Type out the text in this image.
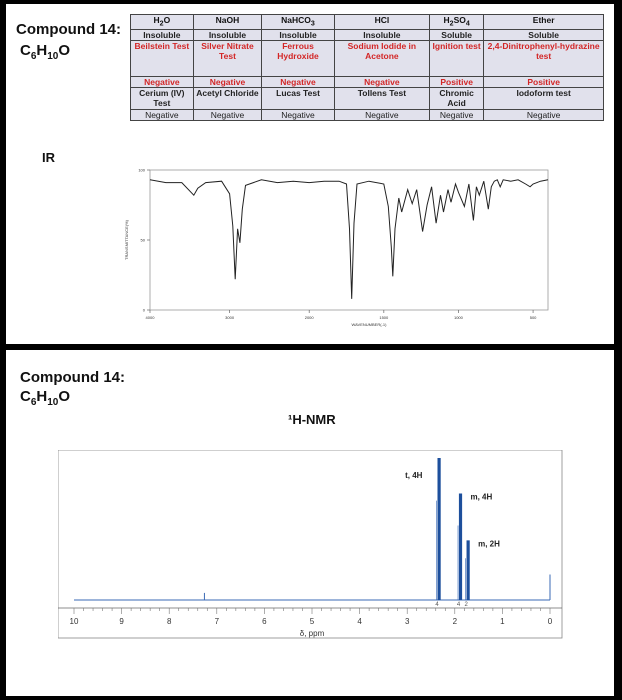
Compound 14:
$C_6H_{10}O$
$H_2O$	NaOH	NaHCO$_3$	HCl	$H_2SO_4$	Ether
Insoluble	Insoluble	Insoluble	Insoluble	Soluble	Soluble
Beilstein Test	Silver Nitrate Test	Ferrous Hydroxide	Sodium Iodide in Acetone	Ignition test	2,4-Dinitrophenyl-hydrazine test
Negative	Negative	Negative	Negative	Positive	Positive
Cerium (IV) Test	Acetyl Chloride	Lucas Test	Tollens Test	Chromic Acid	Iodoform test
Negative	Negative	Negative	Negative	Negative	Negative
IR
4000	3000	2000	1500	1000	500
0
50
100
TRANSMITTANCE(%)
WAVENUMBER(-1)
Compound 14:
$C_6H_{10}O$
¹H-NMR
10	9	8	7	6	5	4	3	2	1	0
δ, ppm
t, 4H
4
m, 4H
4
m, 2H
2
